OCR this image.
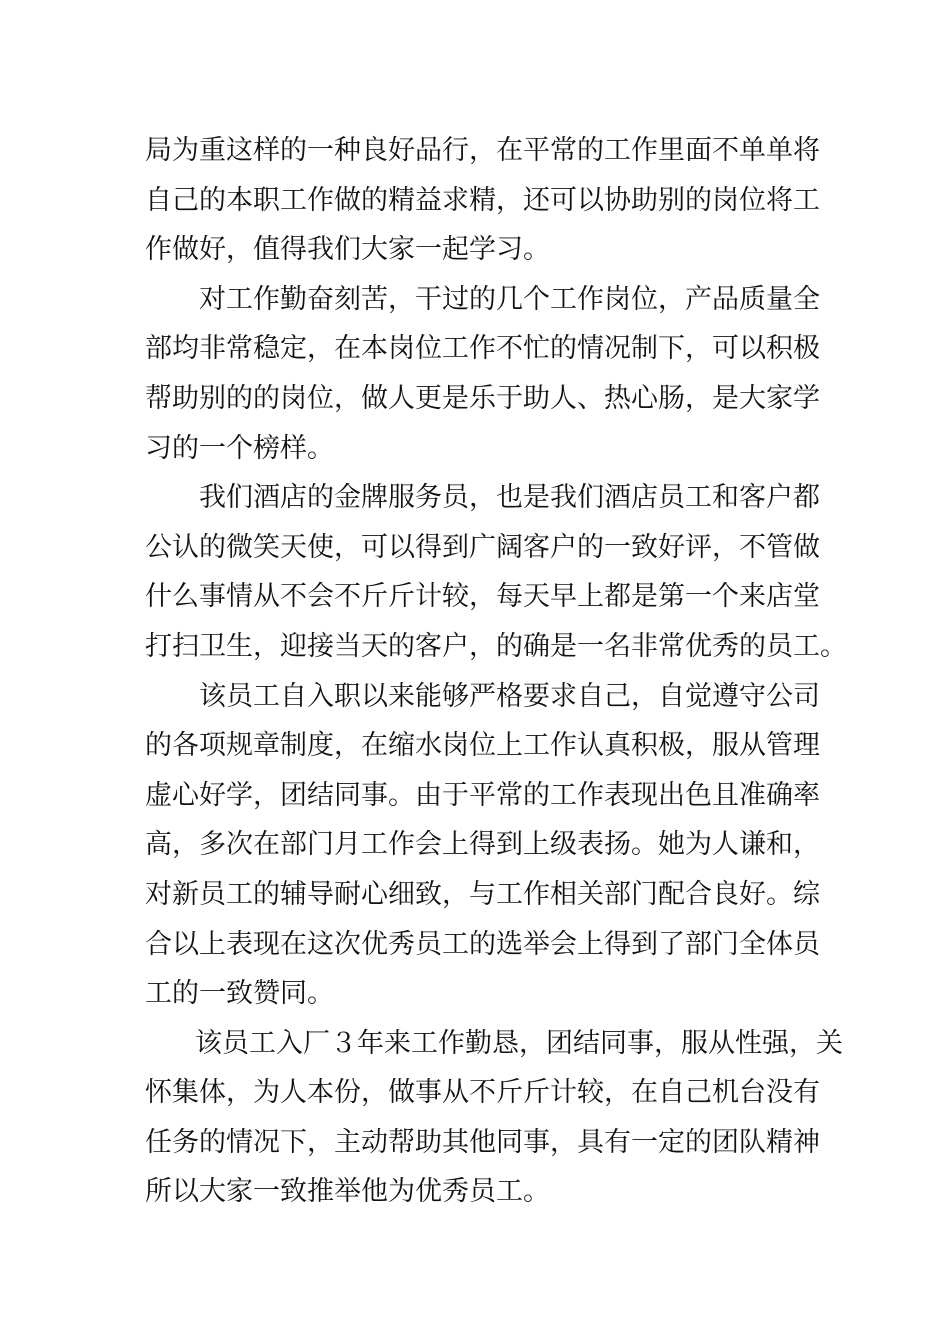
局为重这样的一种良好品行，在平常的工作里面不单单将
自己的本职工作做的精益求精，还可以协助别的岗位将工
作做好，值得我们大家一起学习。
对工作勤奋刻苦，干过的几个工作岗位，产品质量全
部均非常稳定，在本岗位工作不忙的情况制下，可以积极
帮助别的的岗位，做人更是乐于助人、热心肠，是大家学
习的一个榜样。
我们酒店的金牌服务员，也是我们酒店员工和客户都
公认的微笑天使，可以得到广阔客户的一致好评，不管做
什么事情从不会不斤斤计较，每天早上都是第一个来店堂
打扫卫生，迎接当天的客户，的确是一名非常优秀的员工。
该员工自入职以来能够严格要求自己，自觉遵守公司
的各项规章制度，在缩水岗位上工作认真积极，服从管理
虚心好学，团结同事。由于平常的工作表现出色且准确率
高，多次在部门月工作会上得到上级表扬。她为人谦和，
对新员工的辅导耐心细致，与工作相关部门配合良好。综
合以上表现在这次优秀员工的选举会上得到了部门全体员
工的一致赞同。
该员工入厂３年来工作勤恳，团结同事，服从性强，关
怀集体，为人本份，做事从不斤斤计较，在自己机台没有
任务的情况下，主动帮助其他同事，具有一定的团队精神
所以大家一致推举他为优秀员工。
